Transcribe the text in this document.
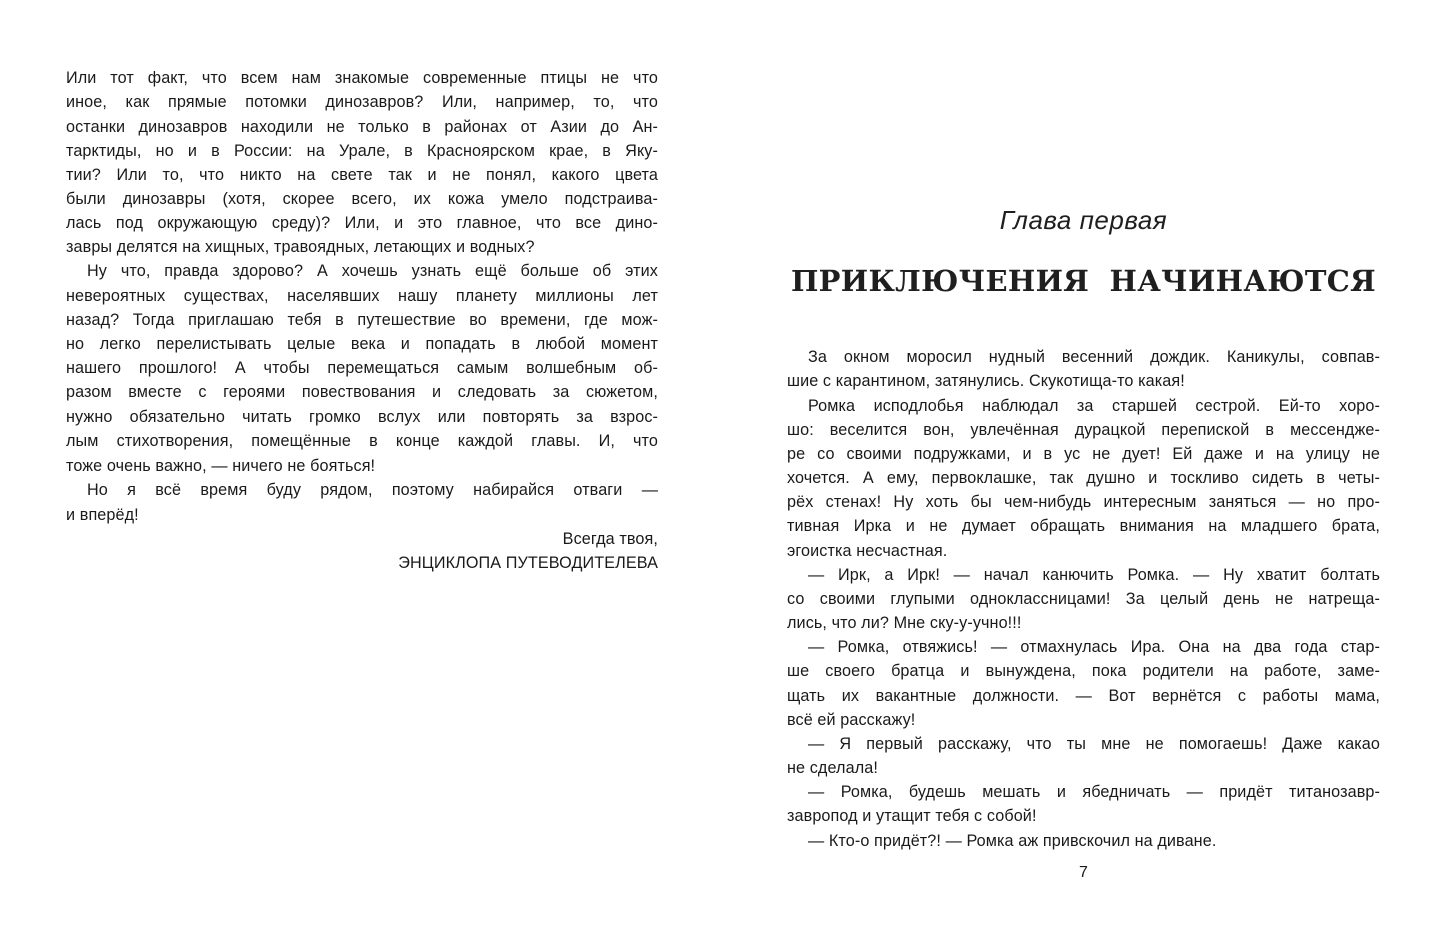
Или тот факт, что всем нам знакомые современные птицы не что
иное, как прямые потомки динозавров? Или, например, то, что
останки динозавров находили не только в районах от Азии до Ан-
тарктиды, но и в России: на Урале, в Красноярском крае, в Яку-
тии? Или то, что никто на свете так и не понял, какого цвета
были динозавры (хотя, скорее всего, их кожа умело подстраива-
лась под окружающую среду)? Или, и это главное, что все дино-
завры делятся на хищных, травоядных, летающих и водных?
Ну что, правда здорово? А хочешь узнать ещё больше об этих
невероятных существах, населявших нашу планету миллионы лет
назад? Тогда приглашаю тебя в путешествие во времени, где мож-
но легко перелистывать целые века и попадать в любой момент
нашего прошлого! А чтобы перемещаться самым волшебным об-
разом вместе с героями повествования и следовать за сюжетом,
нужно обязательно читать громко вслух или повторять за взрос-
лым стихотворения, помещённые в конце каждой главы. И, что
тоже очень важно, — ничего не бояться!
Но я всё время буду рядом, поэтому набирайся отваги —
и вперёд!
Всегда твоя,
ЭНЦИКЛОПА ПУТЕВОДИТЕЛЕВА
Глава первая
ПРИКЛЮЧЕНИЯ НАЧИНАЮТСЯ
За окном моросил нудный весенний дождик. Каникулы, совпав-
шие с карантином, затянулись. Скукотища-то какая!
Ромка исподлобья наблюдал за старшей сестрой. Ей-то хоро-
шо: веселится вон, увлечённая дурацкой перепиской в мессендже-
ре со своими подружками, и в ус не дует! Ей даже и на улицу не
хочется. А ему, первоклашке, так душно и тоскливо сидеть в четы-
рёх стенах! Ну хоть бы чем-нибудь интересным заняться — но про-
тивная Ирка и не думает обращать внимания на младшего брата,
эгоистка несчастная.
— Ирк, а Ирк! — начал канючить Ромка. — Ну хватит болтать
со своими глупыми одноклассницами! За целый день не натреща-
лись, что ли? Мне ску-у-учно!!!
— Ромка, отвяжись! — отмахнулась Ира. Она на два года стар-
ше своего братца и вынуждена, пока родители на работе, заме-
щать их вакантные должности. — Вот вернётся с работы мама,
всё ей расскажу!
— Я первый расскажу, что ты мне не помогаешь! Даже какао
не сделала!
— Ромка, будешь мешать и ябедничать — придёт титанозавр-
завропод и утащит тебя с собой!
— Кто-о придёт?! — Ромка аж привскочил на диване.
7
